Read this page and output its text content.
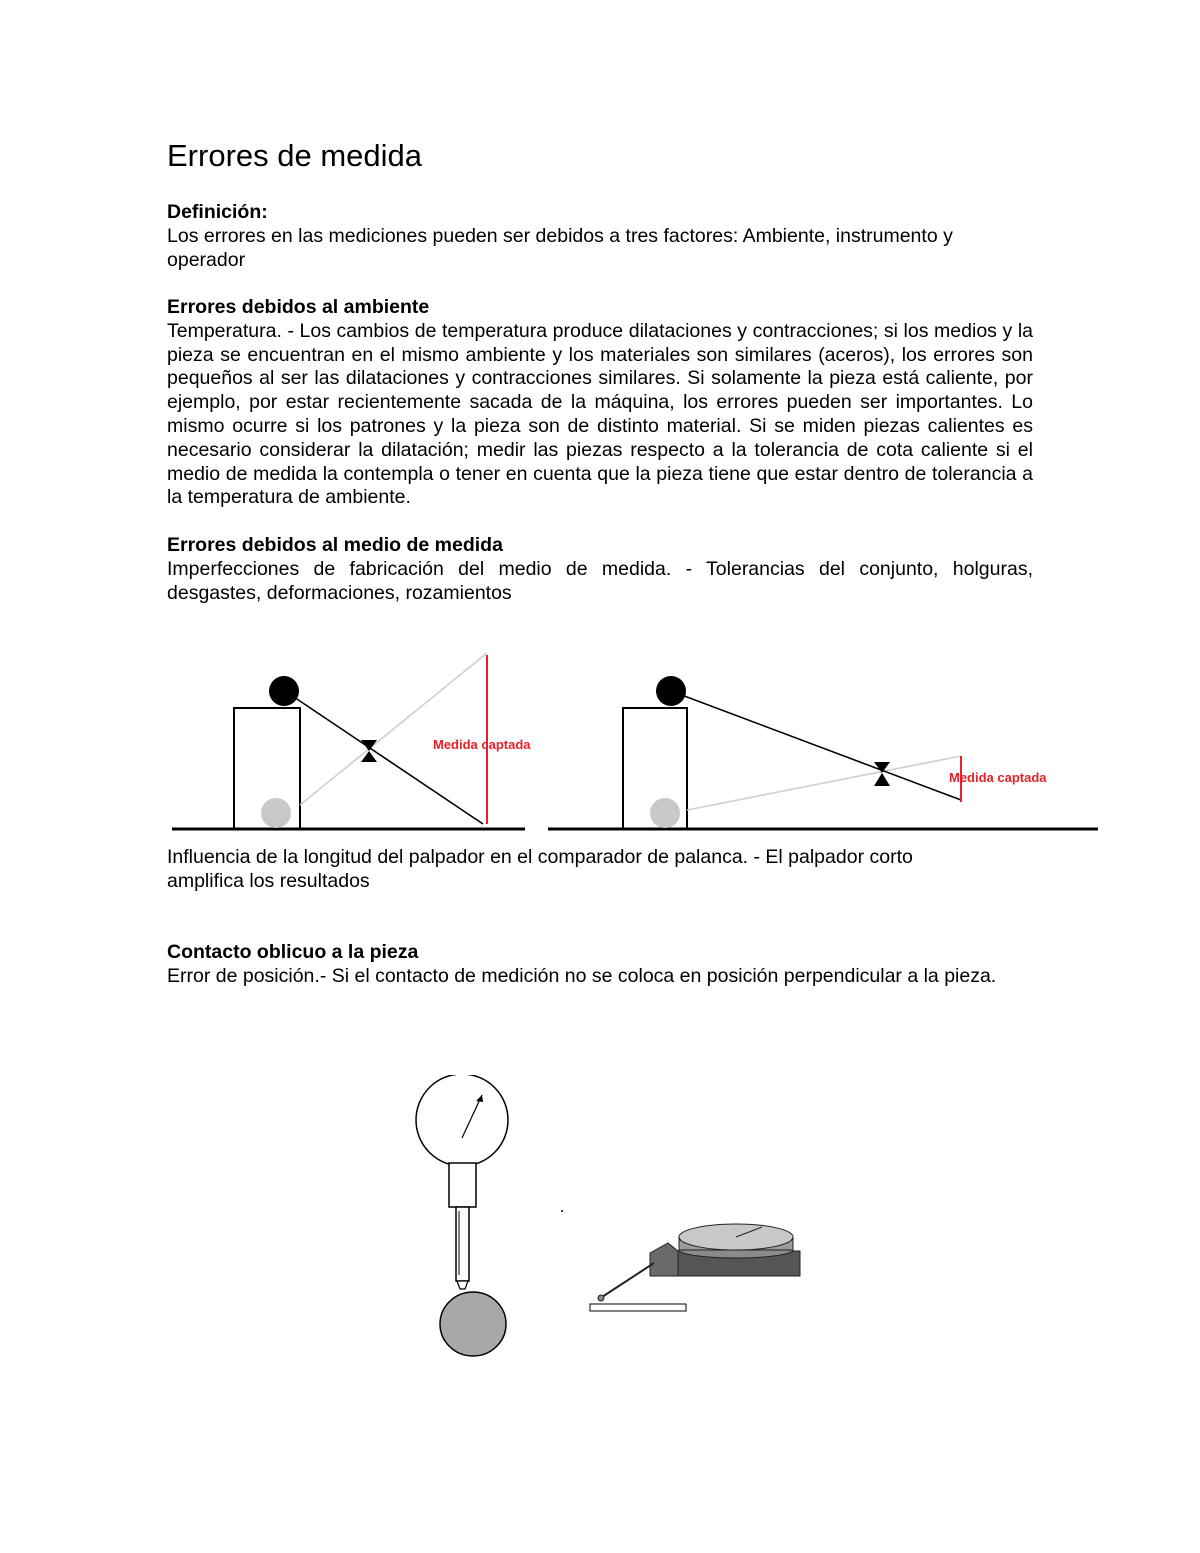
Errores de medida
Definición:
Los errores en las mediciones pueden ser debidos a tres factores: Ambiente, instrumento y operador
Errores debidos al ambiente
Temperatura. - Los cambios de temperatura produce dilataciones y contracciones; si los medios y la pieza se encuentran en el mismo ambiente y los materiales son similares (aceros), los errores son pequeños al ser las dilataciones y contracciones similares. Si solamente la pieza está caliente, por ejemplo, por estar recientemente sacada de la máquina, los errores pueden ser importantes. Lo mismo ocurre si los patrones y la pieza son de distinto material. Si se miden piezas calientes es necesario considerar la dilatación; medir las piezas respecto a la tolerancia de cota caliente si el medio de medida la contempla o tener en cuenta que la pieza tiene que estar dentro de tolerancia a la temperatura de ambiente.
Errores debidos al medio de medida
Imperfecciones de fabricación del medio de medida. - Tolerancias del conjunto, holguras, desgastes, deformaciones, rozamientos
Medida captada
Medida captada
Influencia de la longitud del palpador en el comparador de palanca. - El palpador corto amplifica los resultados
Contacto oblicuo a la pieza
Error de posición.- Si el contacto de medición no se coloca en posición perpendicular a la pieza.
